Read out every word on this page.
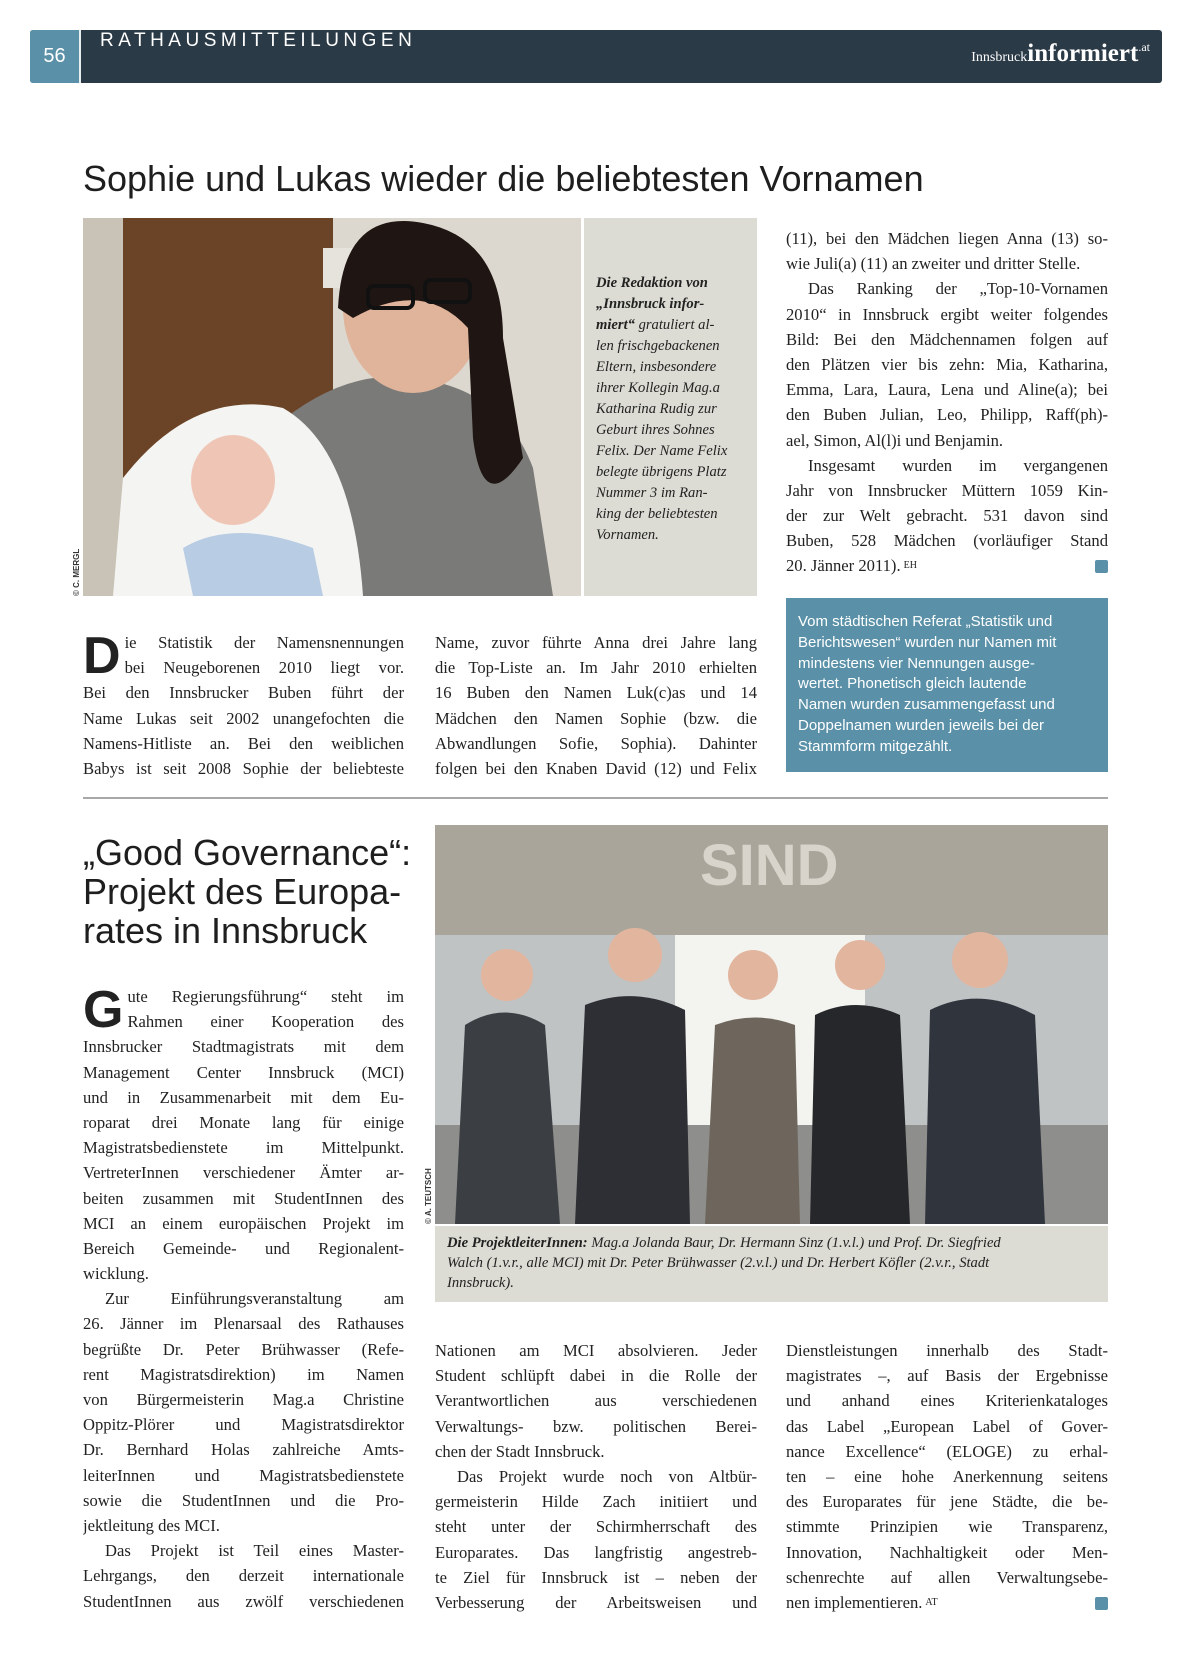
56
RATHAUSMITTEILUNGEN
Innsbruckinformiert$^{.at}$
Sophie und Lukas wieder die beliebtesten Vornamen
© C. MERGL
Die Redaktion von
„Innsbruck infor-
miert“ gratuliert al-
len frischgebackenen
Eltern, insbesondere
ihrer Kollegin Mag.a
Katharina Rudig zur
Geburt ihres Sohnes
Felix. Der Name Felix
belegte übrigens Platz
Nummer 3 im Ran-
king der beliebtesten
Vornamen.
(11), bei den Mädchen liegen Anna (13) so-
wie Juli(a) (11) an zweiter und dritter Stelle.
Das Ranking der „Top-10-Vornamen
2010“ in Innsbruck ergibt weiter folgendes
Bild: Bei den Mädchennamen folgen auf
den Plätzen vier bis zehn: Mia, Katharina,
Emma, Lara, Laura, Lena und Aline(a); bei
den Buben Julian, Leo, Philipp, Raff(ph)-
ael, Simon, Al(l)i und Benjamin.
Insgesamt wurden im vergangenen
Jahr von Innsbrucker Müttern 1059 Kin-
der zur Welt gebracht. 531 davon sind
Buben, 528 Mädchen (vorläufiger Stand
20. Jänner 2011). $^{EH}$
Vom städtischen Referat „Statistik und
Berichtswesen“ wurden nur Namen mit
mindestens vier Nennungen ausge-
wertet. Phonetisch gleich lautende
Namen wurden zusammengefasst und
Doppelnamen wurden jeweils bei der
Stammform mitgezählt.
Die Statistik der Namensnennungen
bei Neugeborenen 2010 liegt vor.
Bei den Innsbrucker Buben führt der
Name Lukas seit 2002 unangefochten die
Namens-Hitliste an. Bei den weiblichen
Babys ist seit 2008 Sophie der beliebteste
Name, zuvor führte Anna drei Jahre lang
die Top-Liste an. Im Jahr 2010 erhielten
16 Buben den Namen Luk(c)as und 14
Mädchen den Namen Sophie (bzw. die
Abwandlungen Sofie, Sophia). Dahinter
folgen bei den Knaben David (12) und Felix
„Good Governance“:
Projekt des Europa-
rates in Innsbruck
SIND
© A. TEUTSCH
Die ProjektleiterInnen: Mag.a Jolanda Baur, Dr. Hermann Sinz (1.v.l.) und Prof. Dr. Siegfried
Walch (1.v.r., alle MCI) mit Dr. Peter Brühwasser (2.v.l.) und Dr. Herbert Köfler (2.v.r., Stadt
Innsbruck).
Gute Regierungsführung“ steht im
Rahmen einer Kooperation des
Innsbrucker Stadtmagistrats mit dem
Management Center Innsbruck (MCI)
und in Zusammenarbeit mit dem Eu-
roparat drei Monate lang für einige
Magistratsbedienstete im Mittelpunkt.
VertreterInnen verschiedener Ämter ar-
beiten zusammen mit StudentInnen des
MCI an einem europäischen Projekt im
Bereich Gemeinde- und Regionalent-
wicklung.
Zur Einführungsveranstaltung am
26. Jänner im Plenarsaal des Rathauses
begrüßte Dr. Peter Brühwasser (Refe-
rent Magistratsdirektion) im Namen
von Bürgermeisterin Mag.a Christine
Oppitz-Plörer und Magistratsdirektor
Dr. Bernhard Holas zahlreiche Amts-
leiterInnen und Magistratsbedienstete
sowie die StudentInnen und die Pro-
jektleitung des MCI.
Das Projekt ist Teil eines Master-
Lehrgangs, den derzeit internationale
StudentInnen aus zwölf verschiedenen
Nationen am MCI absolvieren. Jeder
Student schlüpft dabei in die Rolle der
Verantwortlichen aus verschiedenen
Verwaltungs- bzw. politischen Berei-
chen der Stadt Innsbruck.
Das Projekt wurde noch von Altbür-
germeisterin Hilde Zach initiiert und
steht unter der Schirmherrschaft des
Europarates. Das langfristig angestreb-
te Ziel für Innsbruck ist – neben der
Verbesserung der Arbeitsweisen und
Dienstleistungen innerhalb des Stadt-
magistrates –, auf Basis der Ergebnisse
und anhand eines Kriterienkataloges
das Label „European Label of Gover-
nance Excellence“ (ELOGE) zu erhal-
ten – eine hohe Anerkennung seitens
des Europarates für jene Städte, die be-
stimmte Prinzipien wie Transparenz,
Innovation, Nachhaltigkeit oder Men-
schenrechte auf allen Verwaltungsebe-
nen implementieren. $^{AT}$
